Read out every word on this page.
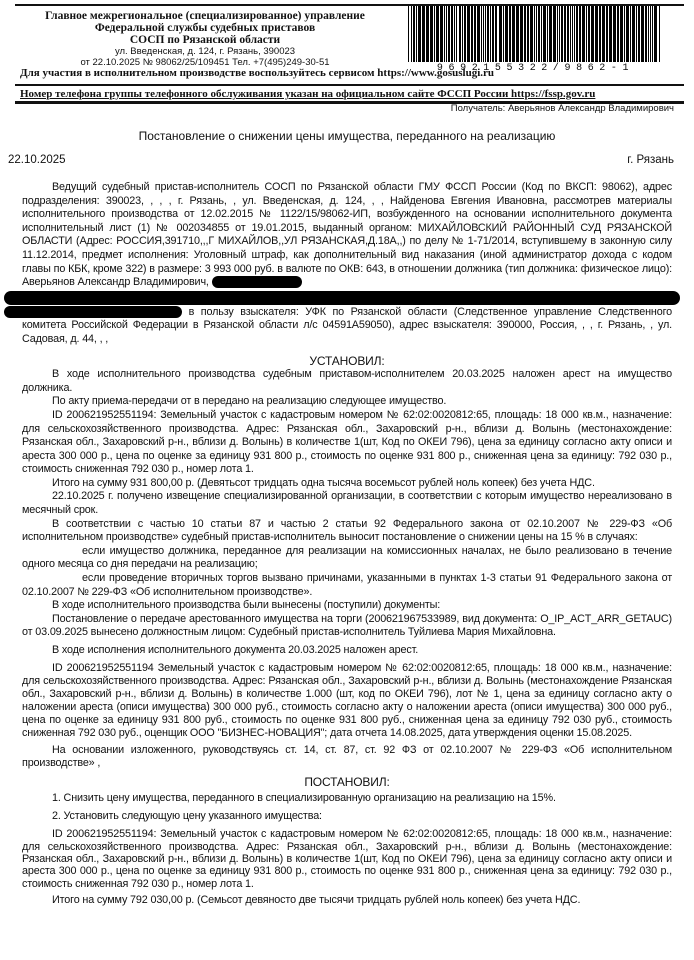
Главное межрегиональное (специализированное) управление
Федеральной службы судебных приставов
СОСП по Рязанской области
ул. Введенская, д. 124, г. Рязань, 390023
от 22.10.2025 № 98062/25/109451 Тел. +7(495)249-30-51
9692155322/9862-1
Для участия в исполнительном производстве воспользуйтесь сервисом https://www.gosuslugi.ru
Номер телефона группы телефонного обслуживания указан на официальном сайте ФССП России https://fssp.gov.ru
Получатель: Аверьянов Александр Владимирович
Постановление о снижении цены имущества, переданного на реализацию
22.10.2025	г. Рязань

Ведущий судебный пристав-исполнитель СОСП по Рязанской области ГМУ ФССП России (Код по ВКСП: 98062), адрес подразделения: 390023, , , , г. Рязань, , ул. Введенская, д. 124, , , Найденова Евгения Ивановна, рассмотрев материалы исполнительного производства от 12.02.2015 № 1122/15/98062-ИП, возбужденного на основании исполнительного документа исполнительный лист (1) № 002034855 от 19.01.2015, выданный органом: МИХАЙЛОВСКИЙ РАЙОННЫЙ СУД РЯЗАНСКОЙ ОБЛАСТИ (Адрес: РОССИЯ,391710,,,Г МИХАЙЛОВ,,УЛ РЯЗАНСКАЯ,Д.18А,,) по делу № 1-71/2014, вступившему в законную силу 11.12.2014, предмет исполнения: Уголовный штраф, как дополнительный вид наказания (иной администратор дохода с кодом главы по КБК, кроме 322) в размере: 3 993 000 руб. в валюте по ОКВ: 643, в отношении должника (тип должника: физическое лицо): Аверьянов Александр Владимирович,

в пользу взыскателя: УФК по Рязанской области (Следственное управление Следственного комитета Российской Федерации в Рязанской области л/с 04591А59050), адрес взыскателя: 390000, Россия, , , г. Рязань, , ул. Садовая, д. 44, , ,

УСТАНОВИЛ:

В ходе исполнительного производства судебным приставом-исполнителем 20.03.2025 наложен арест на имущество должника.

По акту приема-передачи от в передано на реализацию следующее имущество.

ID 200621952551194: Земельный участок с кадастровым номером № 62:02:0020812:65, площадь: 18 000 кв.м., назначение: для сельскохозяйственного производства. Адрес: Рязанская обл., Захаровский р-н., вблизи д. Волынь (местонахождение: Рязанская обл., Захаровский р-н., вблизи д. Волынь) в количестве 1(шт, Код по ОКЕИ 796), цена за единицу согласно акту описи и ареста 300 000 р., цена по оценке за единицу 931 800 р., стоимость по оценке 931 800 р., сниженная цена за единицу: 792 030 р., стоимость сниженная 792 030 р., номер лота 1.

Итого на сумму 931 800,00 р. (Девятьсот тридцать одна тысяча восемьсот рублей ноль копеек) без учета НДС.

22.10.2025 г. получено извещение специализированной организации, в соответствии с которым имущество нереализовано в месячный срок.

В соответствии с частью 10 статьи 87 и частью 2 статьи 92 Федерального закона от 02.10.2007 № 229-ФЗ «Об исполнительном производстве» судебный пристав-исполнитель выносит постановление о снижении цены на 15 % в случаях:

если имущество должника, переданное для реализации на комиссионных началах, не было реализовано в течение одного месяца со дня передачи на реализацию;

если проведение вторичных торгов вызвано причинами, указанными в пунктах 1-3 статьи 91 Федерального закона от 02.10.2007 № 229-ФЗ «Об исполнительном производстве».

В ходе исполнительного производства были вынесены (поступили) документы:

Постановление о передаче арестованного имущества на торги (200621967533989, вид документа: O_IP_ACT_ARR_GETAUC) от 03.09.2025 вынесено должностным лицом: Судебный пристав-исполнитель Туйлиева Мария Михайловна.

В ходе исполнения исполнительного документа 20.03.2025 наложен арест.

ID 200621952551194 Земельный участок с кадастровым номером № 62:02:0020812:65, площадь: 18 000 кв.м., назначение: для сельскохозяйственного производства. Адрес: Рязанская обл., Захаровский р-н., вблизи д. Волынь (местонахождение Рязанская обл., Захаровский р-н., вблизи д. Волынь) в количестве 1.000 (шт, код по ОКЕИ 796), лот № 1, цена за единицу согласно акту о наложении ареста (описи имущества) 300 000 руб., стоимость согласно акту о наложении ареста (описи имущества) 300 000 руб., цена по оценке за единицу 931 800 руб., стоимость по оценке 931 800 руб., сниженная цена за единицу 792 030 руб., стоимость сниженная 792 030 руб., оценщик ООО "БИЗНЕС-НОВАЦИЯ"; дата отчета 14.08.2025, дата утверждения оценки 15.08.2025.

На основании изложенного, руководствуясь ст. 14, ст. 87, ст. 92 ФЗ от 02.10.2007 № 229-ФЗ «Об исполнительном производстве» ,

ПОСТАНОВИЛ:

1. Снизить цену имущества, переданного в специализированную организацию на реализацию на 15%.

2. Установить следующую цену указанного имущества:

ID 200621952551194: Земельный участок с кадастровым номером № 62:02:0020812:65, площадь: 18 000 кв.м., назначение: для сельскохозяйственного производства. Адрес: Рязанская обл., Захаровский р-н., вблизи д. Волынь (местонахождение: Рязанская обл., Захаровский р-н., вблизи д. Волынь) в количестве 1(шт, Код по ОКЕИ 796), цена за единицу согласно акту описи и ареста 300 000 р., цена по оценке за единицу 931 800 р., стоимость по оценке 931 800 р., сниженная цена за единицу: 792 030 р., стоимость сниженная 792 030 р., номер лота 1.

Итого на сумму 792 030,00 р. (Семьсот девяносто две тысячи тридцать рублей ноль копеек) без учета НДС.
